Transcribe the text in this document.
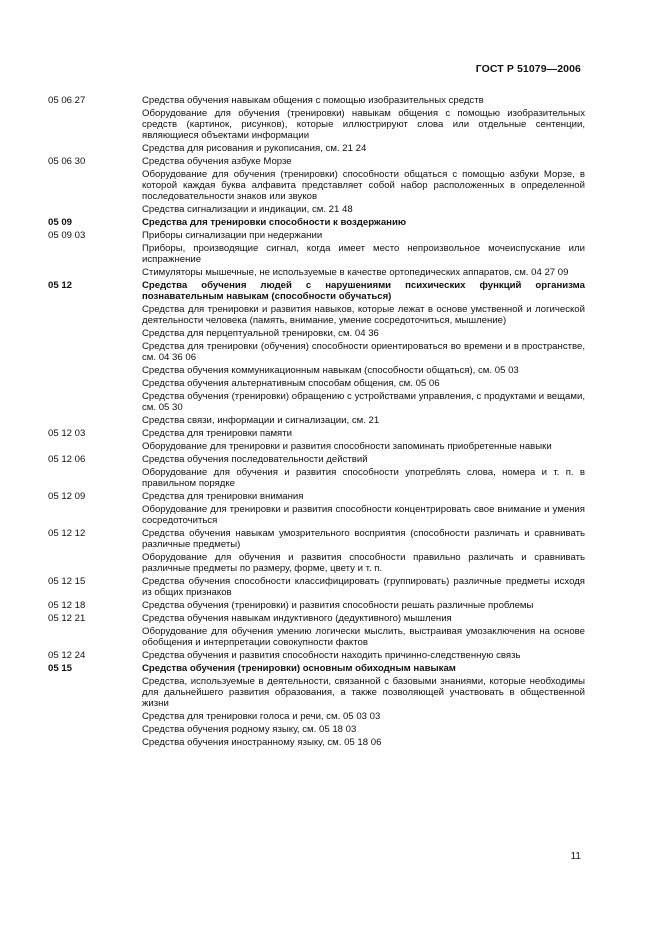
ГОСТ Р 51079—2006
05 06 27	Средства обучения навыкам общения с помощью изобразительных средств
Оборудование для обучения (тренировки) навыкам общения с помощью изобразительных средств (картинок, рисунков), которые иллюстрируют слова или отдельные сентенции, являющиеся объектами информации
Средства для рисования и рукописания, см. 21 24
05 06 30	Средства обучения азбуке Морзе
Оборудование для обучения (тренировки) способности общаться с помощью азбуки Морзе, в которой каждая буква алфавита представляет собой набор расположенных в определенной последовательности знаков или звуков
Средства сигнализации и индикации, см. 21 48
05 09	Средства для тренировки способности к воздержанию
05 09 03	Приборы сигнализации при недержании
Приборы, производящие сигнал, когда имеет место непроизвольное мочеиспускание или испражнение
Стимуляторы мышечные, не используемые в качестве ортопедических аппаратов, см. 04 27 09
05 12	Средства обучения людей с нарушениями психических функций организма познавательным навыкам (способности обучаться)
Средства для тренировки и развития навыков, которые лежат в основе умственной и логической деятельности человека (память, внимание, умение сосредоточиться, мышление)
Средства для перцептуальной тренировки, см. 04 36
Средства для тренировки (обучения) способности ориентироваться во времени и в пространстве, см. 04 36 06
Средства обучения коммуникационным навыкам (способности общаться), см. 05 03
Средства обучения альтернативным способам общения, см. 05 06
Средства обучения (тренировки) обращению с устройствами управления, с продуктами и вещами, см. 05 30
Средства связи, информации и сигнализации, см. 21
05 12 03	Средства для тренировки памяти
Оборудование для тренировки и развития способности запоминать приобретенные навыки
05 12 06	Средства обучения последовательности действий
Оборудование для обучения и развития способности употреблять слова, номера и т. п. в правильном порядке
05 12 09	Средства для тренировки внимания
Оборудование для тренировки и развития способности концентрировать свое внимание и умения сосредоточиться
05 12 12	Средства обучения навыкам умозрительного восприятия (способности различать и сравнивать различные предметы)
Оборудование для обучения и развития способности правильно различать и сравнивать различные предметы по размеру, форме, цвету и т. п.
05 12 15	Средства обучения способности классифицировать (группировать) различные предметы исходя из общих признаков
05 12 18	Средства обучения (тренировки) и развития способности решать различные проблемы
05 12 21	Средства обучения навыкам индуктивного (дедуктивного) мышления
Оборудование для обучения умению логически мыслить, выстраивая умозаключения на основе обобщения и интерпретации совокупности фактов
05 12 24	Средства обучения и развития способности находить причинно-следственную связь
05 15	Средства обучения (тренировки) основным обиходным навыкам
Средства, используемые в деятельности, связанной с базовыми знаниями, которые необходимы для дальнейшего развития образования, а также позволяющей участвовать в общественной жизни
Средства для тренировки голоса и речи, см. 05 03 03
Средства обучения родному языку, см. 05 18 03
Средства обучения иностранному языку, см. 05 18 06
11
